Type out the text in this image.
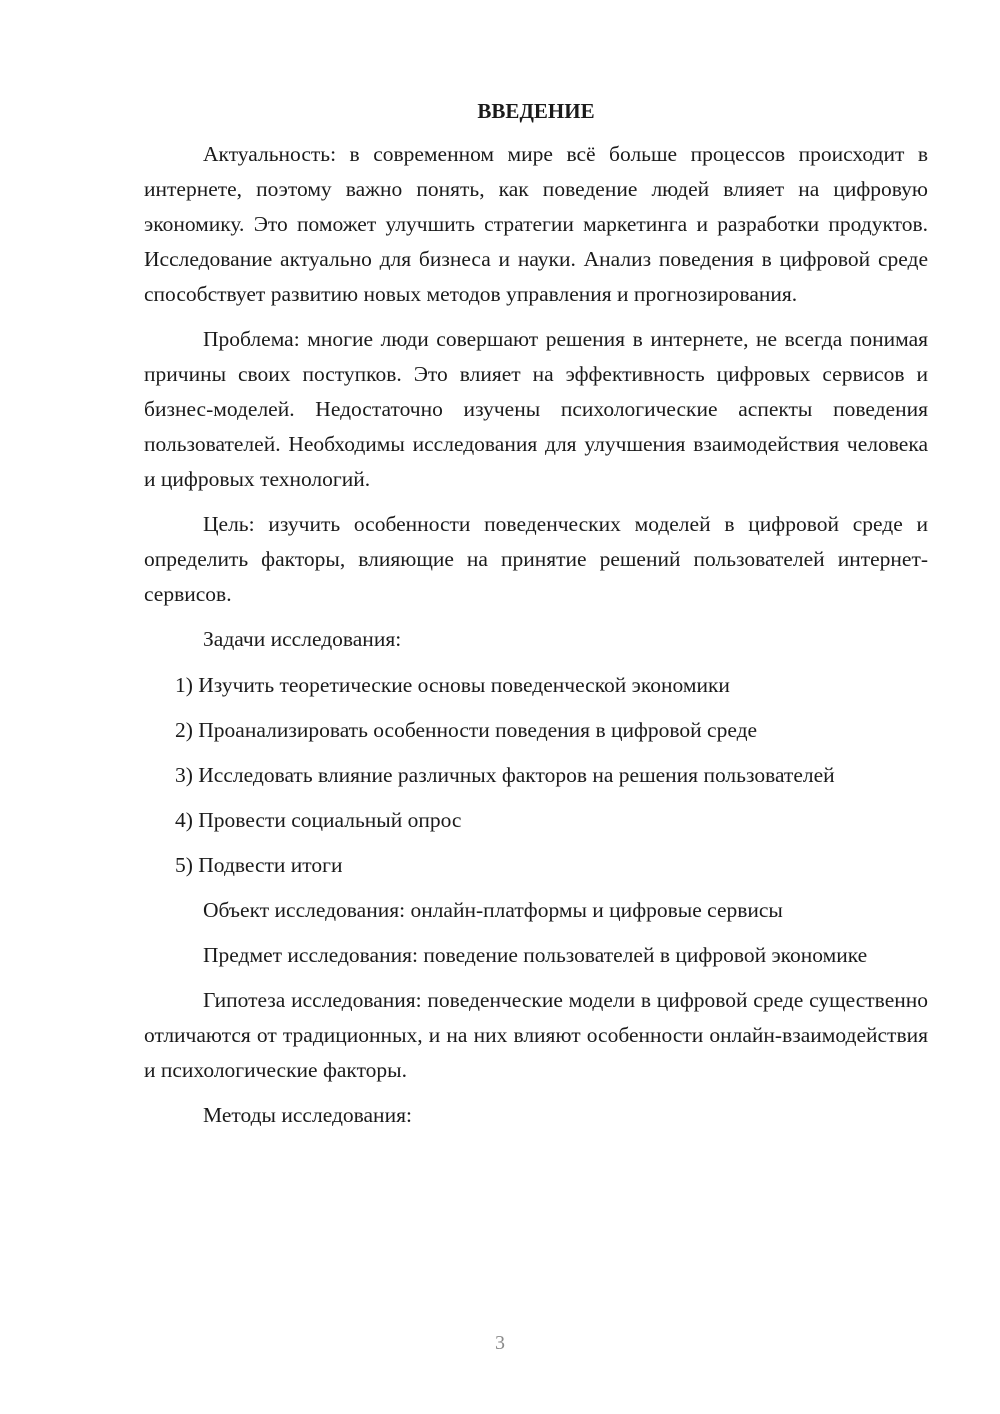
ВВЕДЕНИЕ

Актуальность: в современном мире всё больше процессов происходит в интернете, поэтому важно понять, как поведение людей влияет на цифровую экономику. Это поможет улучшить стратегии маркетинга и разработки продуктов. Исследование актуально для бизнеса и науки. Анализ поведения в цифровой среде способствует развитию новых методов управления и прогнозирования.

Проблема: многие люди совершают решения в интернете, не всегда понимая причины своих поступков. Это влияет на эффективность цифровых сервисов и бизнес-моделей. Недостаточно изучены психологические аспекты поведения пользователей. Необходимы исследования для улучшения взаимодействия человека и цифровых технологий.

Цель: изучить особенности поведенческих моделей в цифровой среде и определить факторы, влияющие на принятие решений пользователей интернет-сервисов.

Задачи исследования:

1) Изучить теоретические основы поведенческой экономики

2) Проанализировать особенности поведения в цифровой среде

3) Исследовать влияние различных факторов на решения пользователей

4) Провести социальный опрос

5) Подвести итоги

Объект исследования: онлайн-платформы и цифровые сервисы

Предмет исследования: поведение пользователей в цифровой экономике

Гипотеза исследования: поведенческие модели в цифровой среде существенно отличаются от традиционных, и на них влияют особенности онлайн-взаимодействия и психологические факторы.

Методы исследования:

3
